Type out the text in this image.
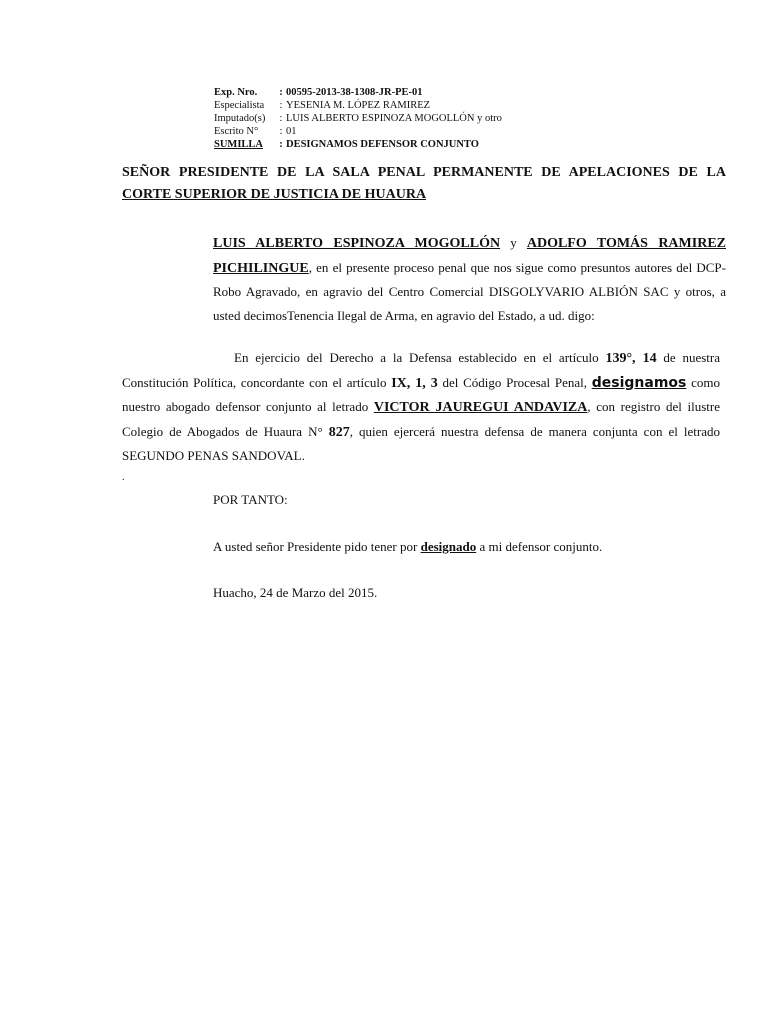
Exp. Nro. : 00595-2013-38-1308-JR-PE-01
Especialista : YESENIA M. LÓPEZ RAMIREZ
Imputado(s) : LUIS ALBERTO ESPINOZA MOGOLLÓN y otro
Escrito N° : 01
SUMILLA : DESIGNAMOS DEFENSOR CONJUNTO
SEÑOR PRESIDENTE DE LA SALA PENAL PERMANENTE DE APELACIONES DE LA
CORTE SUPERIOR DE JUSTICIA DE HUAURA
LUIS ALBERTO ESPINOZA MOGOLLÓN y ADOLFO TOMÁS RAMIREZ PICHILINGUE, en el presente proceso penal que nos sigue como presuntos autores del DCP-Robo Agravado, en agravio del Centro Comercial DISGOLYVARIO ALBIÓN SAC y otros, a usted decimosTenencia Ilegal de Arma, en agravio del Estado, a ud. digo:
En ejercicio del Derecho a la Defensa establecido en el artículo 139°, 14 de nuestra Constitución Política, concordante con el artículo IX, 1, 3 del Código Procesal Penal, designamos como nuestro abogado defensor conjunto al letrado VICTOR JAUREGUI ANDAVIZA, con registro del ilustre Colegio de Abogados de Huaura N° 827, quien ejercerá nuestra defensa de manera conjunta con el letrado SEGUNDO PENAS SANDOVAL.
.
POR TANTO:
A usted señor Presidente pido tener por designado a mi defensor conjunto.
Huacho, 24 de Marzo del 2015.
